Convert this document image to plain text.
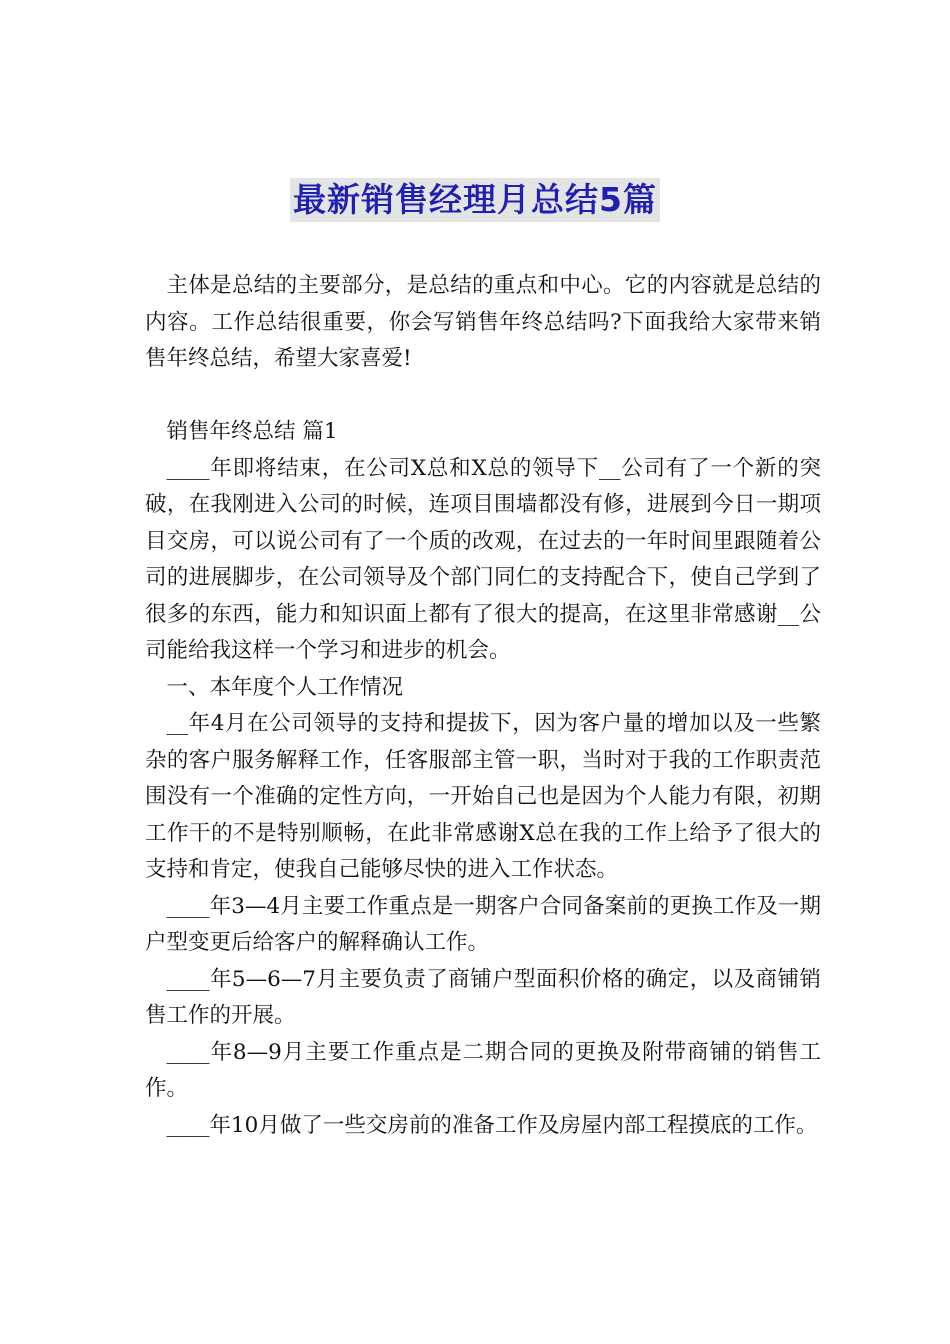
最新销售经理月总结5篇

主体是总结的主要部分，是总结的重点和中心。它的内容就是总结的内容。工作总结很重要，你会写销售年终总结吗?下面我给大家带来销售年终总结，希望大家喜爱!

销售年终总结 篇1

____年即将结束，在公司X总和X总的领导下__公司有了一个新的突破，在我刚进入公司的时候，连项目围墙都没有修，进展到今日一期项目交房，可以说公司有了一个质的改观，在过去的一年时间里跟随着公司的进展脚步，在公司领导及个部门同仁的支持配合下，使自己学到了很多的东西，能力和知识面上都有了很大的提高，在这里非常感谢__公司能给我这样一个学习和进步的机会。

一、本年度个人工作情况

__年4月在公司领导的支持和提拔下，因为客户量的增加以及一些繁杂的客户服务解释工作，任客服部主管一职，当时对于我的工作职责范围没有一个准确的定性方向，一开始自己也是因为个人能力有限，初期工作干的不是特别顺畅，在此非常感谢X总在我的工作上给予了很大的支持和肯定，使我自己能够尽快的进入工作状态。

____年3—4月主要工作重点是一期客户合同备案前的更换工作及一期户型变更后给客户的解释确认工作。

____年5—6—7月主要负责了商铺户型面积价格的确定，以及商铺销售工作的开展。

____年8—9月主要工作重点是二期合同的更换及附带商铺的销售工作。

____年10月做了一些交房前的准备工作及房屋内部工程摸底的工作。
